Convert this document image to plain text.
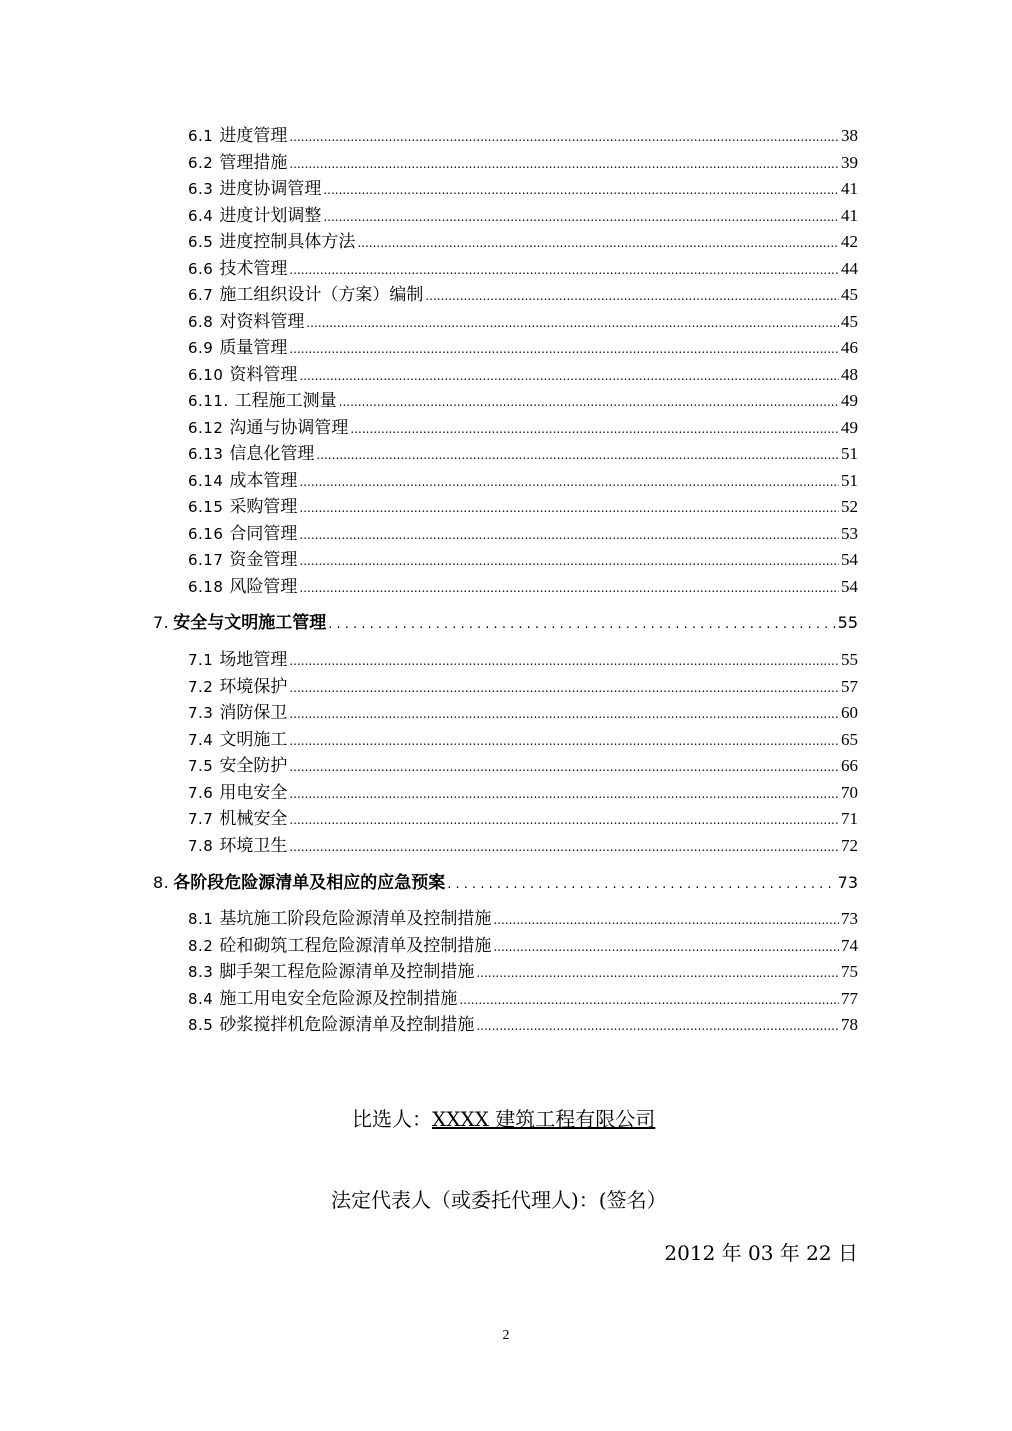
6.1 进度管理 .....	38
6.2 管理措施 .....	39
6.3 进度协调管理 .....	41
6.4 进度计划调整 .....	41
6.5 进度控制具体方法 .....	42
6.6 技术管理 .....	44
6.7 施工组织设计（方案）编制 .....	45
6.8 对资料管理 .....	45
6.9 质量管理 .....	46
6.10 资料管理 .....	48
6.11. 工程施工测量 .....	49
6.12 沟通与协调管理 .....	49
6.13 信息化管理 .....	51
6.14 成本管理 .....	51
6.15 采购管理 .....	52
6.16 合同管理 .....	53
6.17 资金管理 .....	54
6.18 风险管理 .....	54
7. 安全与文明施工管理 . . .	55
7.1 场地管理 .....	55
7.2 环境保护 .....	57
7.3 消防保卫 .....	60
7.4 文明施工 .....	65
7.5 安全防护 .....	66
7.6 用电安全 .....	70
7.7 机械安全 .....	71
7.8 环境卫生 .....	72
8. 各阶段危险源清单及相应的应急预案 . . .	73
8.1 基坑施工阶段危险源清单及控制措施 .....	73
8.2 砼和砌筑工程危险源清单及控制措施 .....	74
8.3 脚手架工程危险源清单及控制措施 .....	75
8.4 施工用电安全危险源及控制措施 .....	77
8.5 砂浆搅拌机危险源清单及控制措施 .....	78
比选人：XXXX 建筑工程有限公司
法定代表人（或委托代理人)：(签名）
2012 年 03 年 22 日
2
